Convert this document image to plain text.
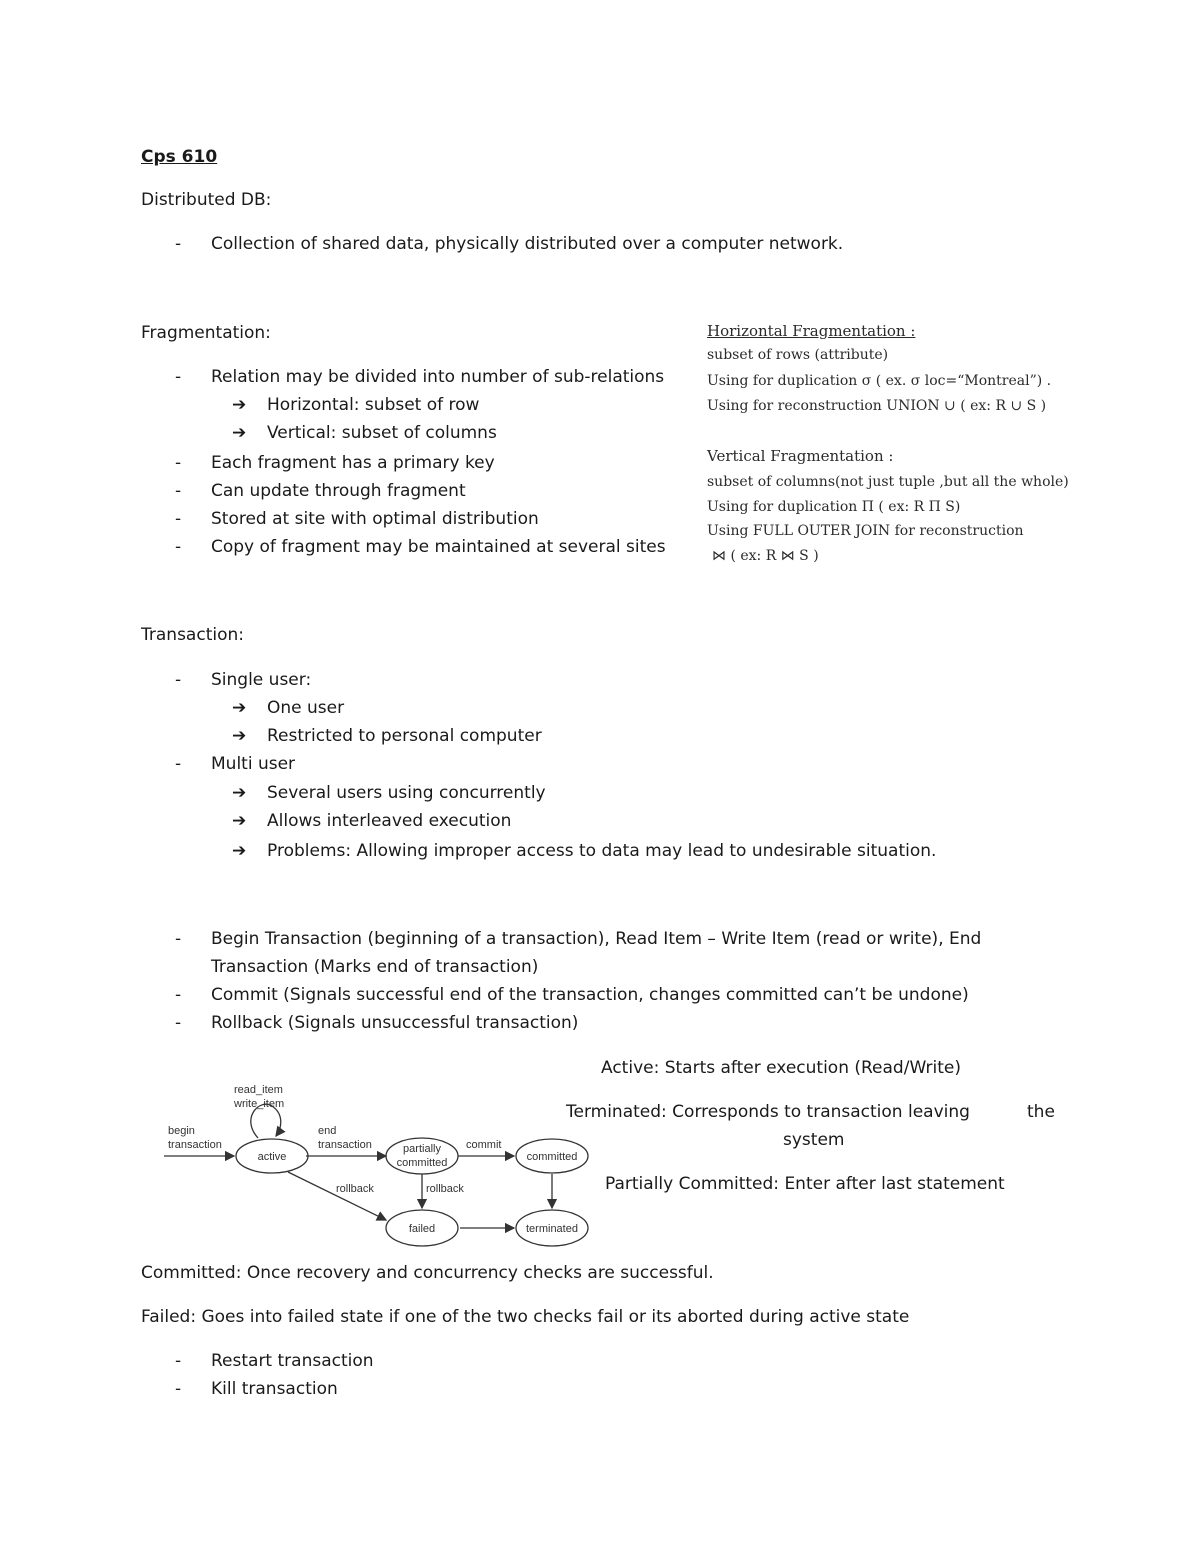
Cps 610
Distributed DB:
- Collection of shared data, physically distributed over a computer network.
Fragmentation:
- Relation may be divided into number of sub-relations
➔ Horizontal: subset of row
➔ Vertical: subset of columns
- Each fragment has a primary key
- Can update through fragment
- Stored at site with optimal distribution
- Copy of fragment may be maintained at several sites
Horizontal Fragmentation :
subset of rows (attribute)
Using for duplication σ ( ex. σ loc=“Montreal”) .
Using for reconstruction UNION ∪ ( ex: R ∪ S )
Vertical Fragmentation :
subset of columns(not just tuple ,but all the whole)
Using for duplication Π ( ex: R Π S)
Using FULL OUTER JOIN for reconstruction
⋈ ( ex: R ⋈ S )
Transaction:
- Single user:
➔ One user
➔ Restricted to personal computer
- Multi user
➔ Several users using concurrently
➔ Allows interleaved execution
➔ Problems: Allowing improper access to data may lead to undesirable situation.
- Begin Transaction (beginning of a transaction), Read Item – Write Item (read or write), End
Transaction (Marks end of transaction)
- Commit (Signals successful end of the transaction, changes committed can’t be undone)
- Rollback (Signals unsuccessful transaction)
Active: Starts after execution (Read/Write)
Terminated: Corresponds to transaction leaving	the
system
Partially Committed: Enter after last statement
active
partially
committed	committed
failed	terminated
begin
transaction
read_item
write_item
end
transaction	commit
rollback	rollback
Committed: Once recovery and concurrency checks are successful.
Failed: Goes into failed state if one of the two checks fail or its aborted during active state
- Restart transaction
- Kill transaction
